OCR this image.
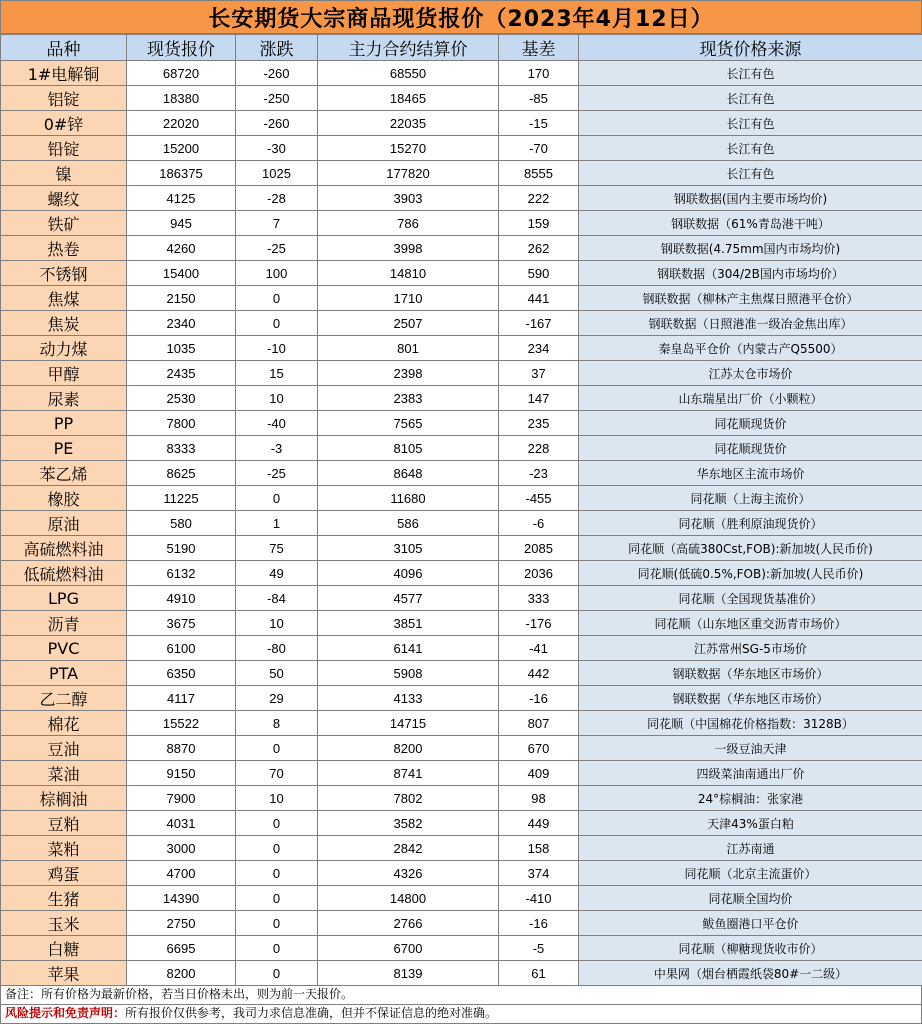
长安期货大宗商品现货报价（2023年4月12日）
品种	现货报价	涨跌	主力合约结算价	基差	现货价格来源
1#电解铜	68720	-260	68550	170	长江有色
铝锭	18380	-250	18465	-85	长江有色
0#锌	22020	-260	22035	-15	长江有色
铅锭	15200	-30	15270	-70	长江有色
镍	186375	1025	177820	8555	长江有色
螺纹	4125	-28	3903	222	钢联数据(国内主要市场均价)
铁矿	945	7	786	159	钢联数据（61%青岛港干吨）
热卷	4260	-25	3998	262	钢联数据(4.75mm国内市场均价)
不锈钢	15400	100	14810	590	钢联数据（304/2B国内市场均价）
焦煤	2150	0	1710	441	钢联数据（柳林产主焦煤日照港平仓价）
焦炭	2340	0	2507	-167	钢联数据（日照港准一级冶金焦出库）
动力煤	1035	-10	801	234	秦皇岛平仓价（内蒙古产Q5500）
甲醇	2435	15	2398	37	江苏太仓市场价
尿素	2530	10	2383	147	山东瑞星出厂价（小颗粒）
PP	7800	-40	7565	235	同花顺现货价
PE	8333	-3	8105	228	同花顺现货价
苯乙烯	8625	-25	8648	-23	华东地区主流市场价
橡胶	11225	0	11680	-455	同花顺（上海主流价）
原油	580	1	586	-6	同花顺（胜利原油现货价）
高硫燃料油	5190	75	3105	2085	同花顺（高硫380Cst,FOB):新加坡(人民币价)
低硫燃料油	6132	49	4096	2036	同花顺(低硫0.5%,FOB):新加坡(人民币价)
LPG	4910	-84	4577	333	同花顺（全国现货基准价）
沥青	3675	10	3851	-176	同花顺（山东地区重交沥青市场价）
PVC	6100	-80	6141	-41	江苏常州SG-5市场价
PTA	6350	50	5908	442	钢联数据（华东地区市场价）
乙二醇	4117	29	4133	-16	钢联数据（华东地区市场价）
棉花	15522	8	14715	807	同花顺（中国棉花价格指数：3128B）
豆油	8870	0	8200	670	一级豆油天津
菜油	9150	70	8741	409	四级菜油南通出厂价
棕榈油	7900	10	7802	98	24°棕榈油：张家港
豆粕	4031	0	3582	449	天津43%蛋白粕
菜粕	3000	0	2842	158	江苏南通
鸡蛋	4700	0	4326	374	同花顺（北京主流蛋价）
生猪	14390	0	14800	-410	同花顺全国均价
玉米	2750	0	2766	-16	鲅鱼圈港口平仓价
白糖	6695	0	6700	-5	同花顺（柳糖现货收市价）
苹果	8200	0	8139	61	中果网（烟台栖霞纸袋80#一二级）
备注：所有价格为最新价格，若当日价格未出，则为前一天报价。
风险提示和免责声明：所有报价仅供参考，我司力求信息准确，但并不保证信息的绝对准确。
